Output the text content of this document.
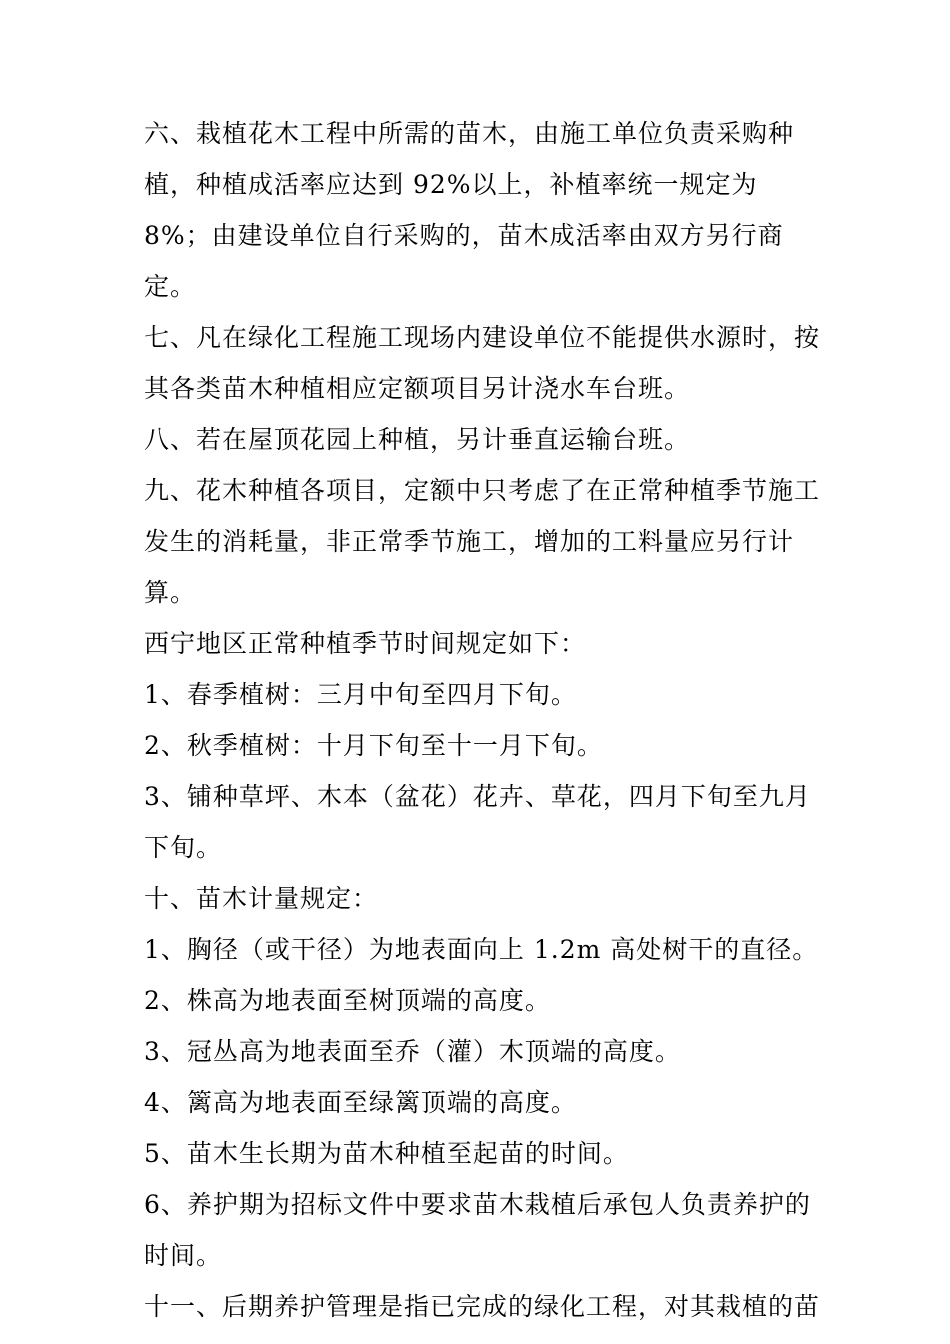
六、栽植花木工程中所需的苗木，由施工单位负责采购种植，种植成活率应达到 92%以上，补植率统一规定为 8%；由建设单位自行采购的，苗木成活率由双方另行商定。

七、凡在绿化工程施工现场内建设单位不能提供水源时，按其各类苗木种植相应定额项目另计浇水车台班。

八、若在屋顶花园上种植，另计垂直运输台班。

九、花木种植各项目，定额中只考虑了在正常种植季节施工发生的消耗量，非正常季节施工，增加的工料量应另行计算。

西宁地区正常种植季节时间规定如下：

1、春季植树：三月中旬至四月下旬。

2、秋季植树：十月下旬至十一月下旬。

3、铺种草坪、木本（盆花）花卉、草花，四月下旬至九月下旬。

十、苗木计量规定：

1、胸径（或干径）为地表面向上 1.2m 高处树干的直径。

2、株高为地表面至树顶端的高度。

3、冠丛高为地表面至乔（灌）木顶端的高度。

4、篱高为地表面至绿篱顶端的高度。

5、苗木生长期为苗木种植至起苗的时间。

6、养护期为招标文件中要求苗木栽植后承包人负责养护的时间。

十一、后期养护管理是指已完成的绿化工程，对其栽植的苗
